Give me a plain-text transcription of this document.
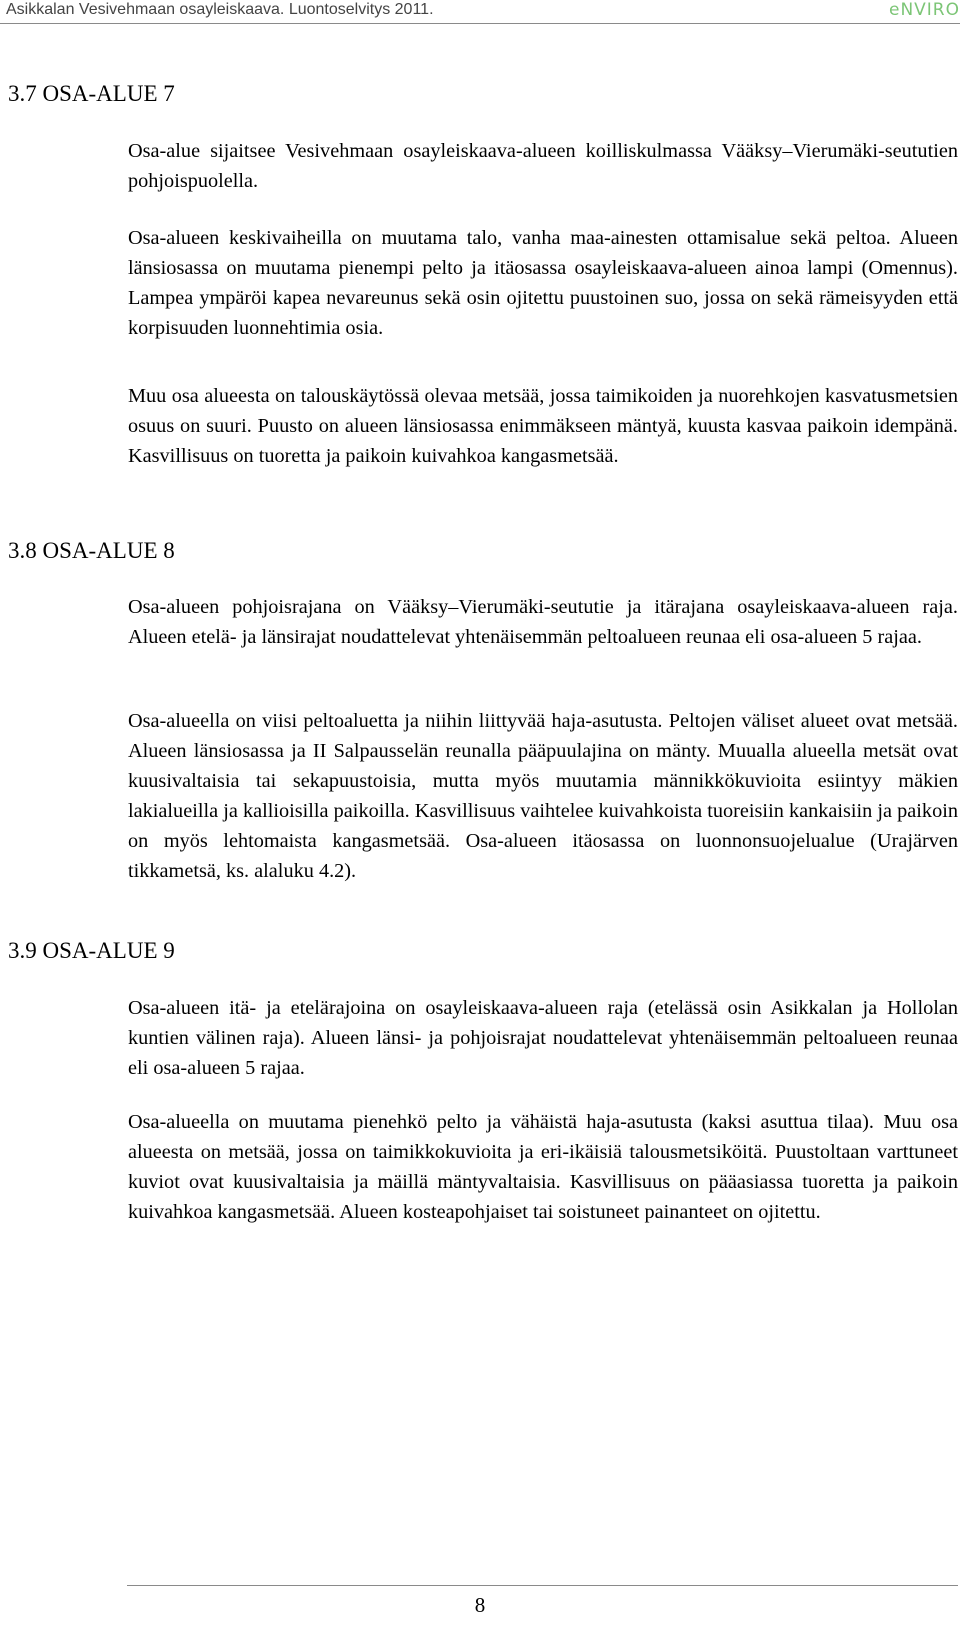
Asikkalan Vesivehmaan osayleiskaava. Luontoselvitys 2011.	eNVIRO
3.7 OSA-ALUE 7

Osa-alue sijaitsee Vesivehmaan osayleiskaava-alueen koilliskulmassa Vääksy–Vierumäki-seututien pohjoispuolella.

Osa-alueen keskivaiheilla on muutama talo, vanha maa-ainesten ottamisalue sekä peltoa. Alueen länsiosassa on muutama pienempi pelto ja itäosassa osayleiskaava-alueen ainoa lampi (Omennus). Lampea ympäröi kapea nevareunus sekä osin ojitettu puustoinen suo, jossa on sekä rämeisyyden että korpisuuden luonnehtimia osia.

Muu osa alueesta on talouskäytössä olevaa metsää, jossa taimikoiden ja nuorehkojen kasvatusmetsien osuus on suuri. Puusto on alueen länsiosassa enimmäkseen mäntyä, kuusta kasvaa paikoin idempänä. Kasvillisuus on tuoretta ja paikoin kuivahkoa kangasmetsää.

3.8 OSA-ALUE 8

Osa-alueen pohjoisrajana on Vääksy–Vierumäki-seututie ja itärajana osayleiskaava-alueen raja. Alueen etelä- ja länsirajat noudattelevat yhtenäisemmän peltoalueen reunaa eli osa-alueen 5 rajaa.

Osa-alueella on viisi peltoaluetta ja niihin liittyvää haja-asutusta. Peltojen väliset alueet ovat metsää. Alueen länsiosassa ja II Salpausselän reunalla pääpuulajina on mänty. Muualla alueella metsät ovat kuusivaltaisia tai sekapuustoisia, mutta myös muutamia männikkökuvioita esiintyy mäkien lakialueilla ja kallioisilla paikoilla. Kasvillisuus vaihtelee kuivahkoista tuoreisiin kankaisiin ja paikoin on myös lehtomaista kangasmetsää. Osa-alueen itäosassa on luonnonsuojelualue (Urajärven tikkametsä, ks. alaluku 4.2).

3.9 OSA-ALUE 9

Osa-alueen itä- ja etelärajoina on osayleiskaava-alueen raja (etelässä osin Asikkalan ja Hollolan kuntien välinen raja). Alueen länsi- ja pohjoisrajat noudattelevat yhtenäisemmän peltoalueen reunaa eli osa-alueen 5 rajaa.

Osa-alueella on muutama pienehkö pelto ja vähäistä haja-asutusta (kaksi asuttua tilaa). Muu osa alueesta on metsää, jossa on taimikkokuvioita ja eri-ikäisiä talousmetsiköitä. Puustoltaan varttuneet kuviot ovat kuusivaltaisia ja mäillä mäntyvaltaisia. Kasvillisuus on pääasiassa tuoretta ja paikoin kuivahkoa kangasmetsää. Alueen kosteapohjaiset tai soistuneet painanteet on ojitettu.

8
